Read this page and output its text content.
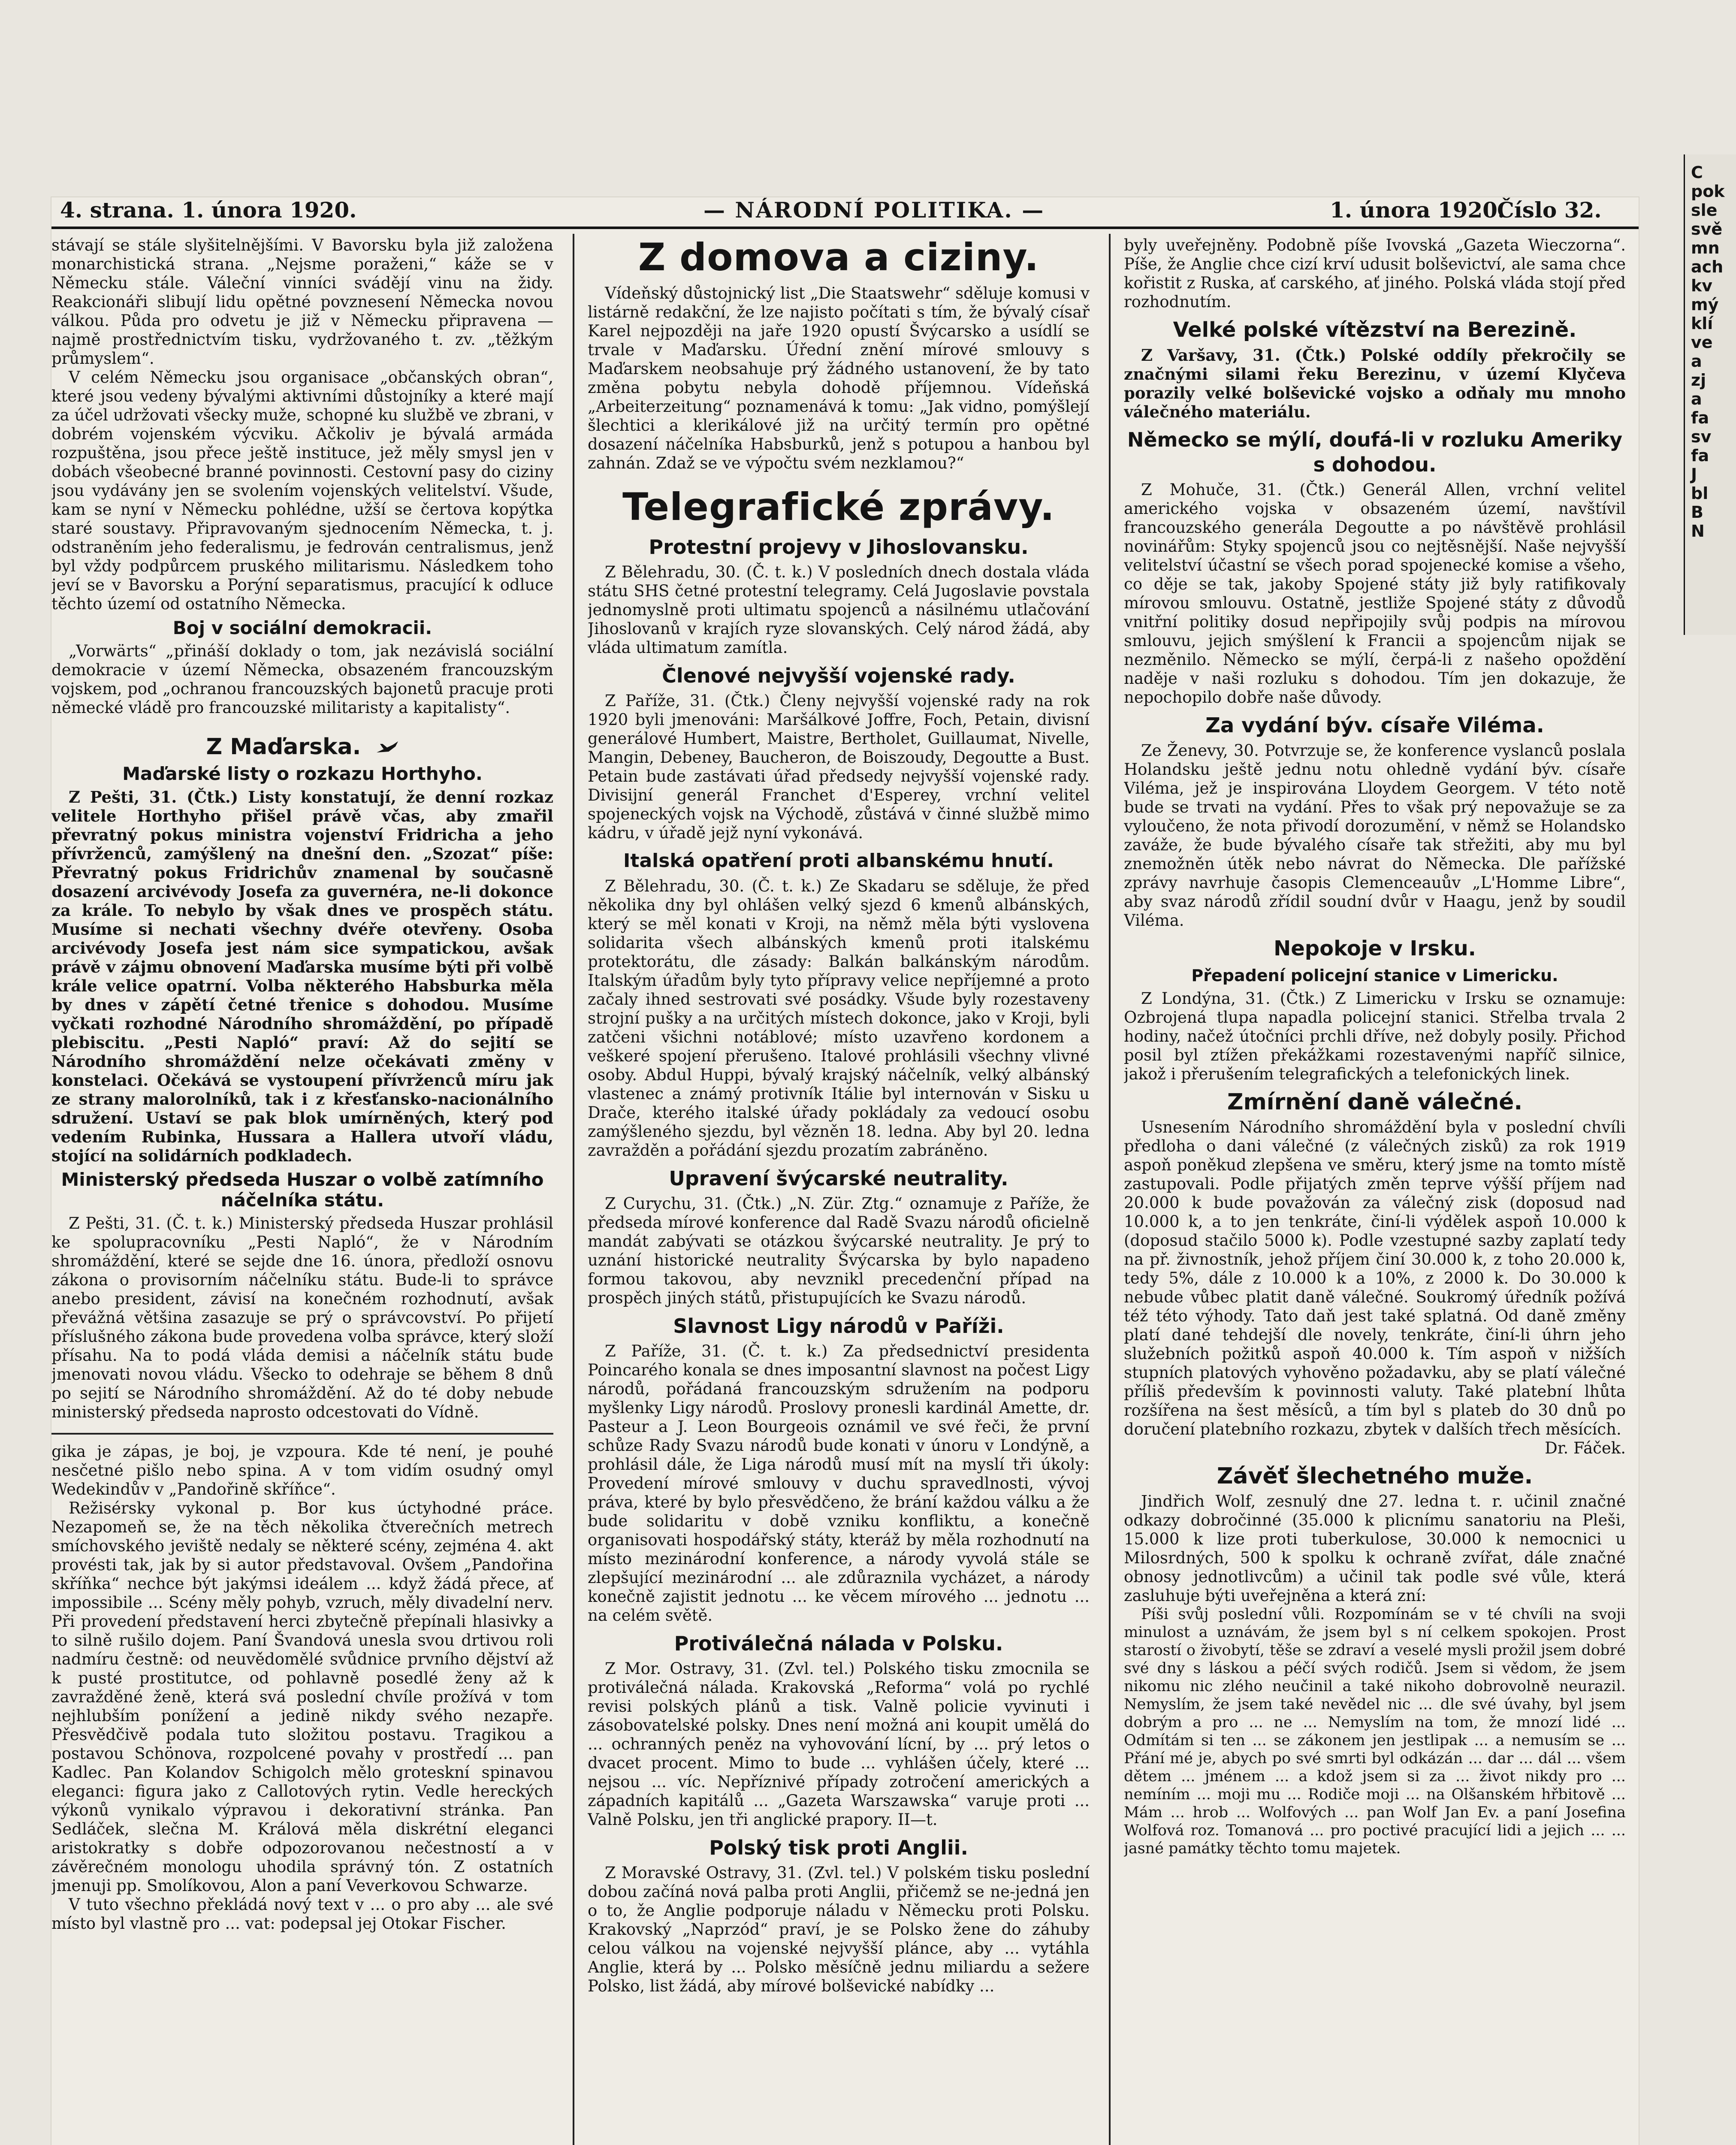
C
pok
sle
svě
mn
ach
kv
mý
klí
ve
a
zj
a
fa
sv
fa
J
bl
B
N
4. strana. 1. února 1920.	— NÁRODNÍ POLITIKA. —	1. února 1920.
Číslo 32.

stávají se stále slyšitelnějšími. V Bavorsku byla již založena monarchistická strana. „Nejsme poraženi,“ káže se v Německu stále. Váleční vinníci svádějí vinu na židy. Reakcionáři slibují lidu opětné povznesení Německa novou válkou. Půda pro odvetu je již v Německu připravena — najmě prostřednictvím tisku, vydržovaného t. zv. „těžkým průmyslem“.

V celém Německu jsou organisace „občanských obran“, které jsou vedeny bývalými aktivními důstojníky a které mají za účel udržovati všecky muže, schopné ku službě ve zbrani, v dobrém vojenském výcviku. Ačkoliv je bývalá armáda rozpuštěna, jsou přece ještě instituce, jež měly smysl jen v dobách všeobecné branné povinnosti. Cestovní pasy do ciziny jsou vydávány jen se svolením vojenských velitelství. Všude, kam se nyní v Německu pohlédne, užší se čertova kopýtka staré soustavy. Připravovaným sjednocením Německa, t. j. odstraněním jeho federalismu, je fedrován centralismus, jenž byl vždy podpůrcem pruského militarismu. Následkem toho jeví se v Bavorsku a Porýní separatismus, pracující k odluce těchto území od ostatního Německa.

Boj v sociální demokracii.

„Vorwärts“ „přináší doklady o tom, jak nezávislá sociální demokracie v území Německa, obsazeném francouzským vojskem, pod „ochranou francouzských bajonetů pracuje proti německé vládě pro francouzské militaristy a kapitalisty“.

Z Maďarska.
Maďarské listy o rozkazu Horthyho.

Z Pešti, 31. (Čtk.) Listy konstatují, že denní rozkaz velitele Horthyho přišel právě včas, aby zmařil převratný pokus ministra vojenství Fridricha a jeho přívrženců, zamýšlený na dnešní den. „Szozat“ píše: Převratný pokus Fridrichův znamenal by současně dosazení arcivévody Josefa za guvernéra, ne-li dokonce za krále. To nebylo by však dnes ve prospěch státu. Musíme si nechati všechny dvéře otevřeny. Osoba arcivévody Josefa jest nám sice sympatickou, avšak právě v zájmu obnovení Maďarska musíme býti při volbě krále velice opatrní. Volba některého Habsburka měla by dnes v zápětí četné třenice s dohodou. Musíme vyčkati rozhodné Národního shromáždění, po případě plebiscitu. „Pesti Napló“ praví: Až do sejití se Národního shromáždění nelze očekávati změny v konstelaci. Očekává se vystoupení přívrženců míru jak ze strany malorolníků, tak i z křesťansko-nacionálního sdružení. Ustaví se pak blok umírněných, který pod vedením Rubinka, Hussara a Hallera utvoří vládu, stojící na solidárních podkladech.

Ministerský předseda Huszar o volbě zatímního náčelníka státu.

Z Pešti, 31. (Č. t. k.) Ministerský předseda Huszar prohlásil ke spolupracovníku „Pesti Napló“, že v Národním shromáždění, které se sejde dne 16. února, předloží osnovu zákona o provisorním náčelníku státu. Bude-li to správce anebo president, závisí na konečném rozhodnutí, avšak převážná většina zasazuje se prý o správcovství. Po přijetí příslušného zákona bude provedena volba správce, který složí přísahu. Na to podá vláda demisi a náčelník státu bude jmenovati novou vládu. Všecko to odehraje se během 8 dnů po sejití se Národního shromáždění. Až do té doby nebude ministerský předseda naprosto odcestovati do Vídně.

gika je zápas, je boj, je vzpoura. Kde té není, je pouhé nesčetné pišlo nebo spina. A v tom vidím osudný omyl Wedekindův v „Pandořině skříňce“.

Režisérsky vykonal p. Bor kus úctyhodné práce. Nezapomeň se, že na těch několika čtverečních metrech smíchovského jeviště nedaly se některé scény, zejména 4. akt provésti tak, jak by si autor představoval. Ovšem „Pandořina skříňka“ nechce být jakýmsi ideálem ... když žádá přece, ať impossibile ... Scény měly pohyb, vzruch, měly divadelní nerv. Při provedení představení herci zbytečně přepínali hlasivky a to silně rušilo dojem. Paní Švandová unesla svou drtivou roli nadmíru čestně: od neuvědomělé svůdnice prvního dějství až k pusté prostitutce, od pohlavně posedlé ženy až k zavražděné ženě, která svá poslední chvíle prožívá v tom nejhlubším ponížení a jedině nikdy svého nezapře. Přesvědčivě podala tuto složitou postavu. Tragikou a postavou Schönova, rozpolcené povahy v prostředí ... pan Kadlec. Pan Kolandov Schigolch mělo groteskní spinavou eleganci: figura jako z Callotových rytin. Vedle hereckých výkonů vynikalo výpravou i dekorativní stránka. Pan Sedláček, slečna M. Králová měla diskrétní eleganci aristokratky s dobře odpozorovanou nečestností a v závěrečném monologu uhodila správný tón. Z ostatních jmenuji pp. Smolíkovou, Alon a paní Veverkovou Schwarze.

V tuto všechno překládá nový text v ... o pro aby ... ale své místo byl vlastně pro ... vat: podepsal jej Otokar Fischer.

Z domova a ciziny.

Vídeňský důstojnický list „Die Staatswehr“ sděluje komusi v listárně redakční, že lze najisto počítati s tím, že bývalý císař Karel nejpozději na jaře 1920 opustí Švýcarsko a usídlí se trvale v Maďarsku. Úřední znění mírové smlouvy s Maďarskem neobsahuje prý žádného ustanovení, že by tato změna pobytu nebyla dohodě příjemnou. Vídeňská „Arbeiterzeitung“ poznamenává k tomu: „Jak vidno, pomýšlejí šlechtici a klerikálové již na určitý termín pro opětné dosazení náčelníka Habsburků, jenž s potupou a hanbou byl zahnán. Zdaž se ve výpočtu svém nezklamou?“

Telegrafické zprávy.
Protestní projevy v Jihoslovansku.

Z Bělehradu, 30. (Č. t. k.) V posledních dnech dostala vláda státu SHS četné protestní telegramy. Celá Jugoslavie povstala jednomyslně proti ultimatu spojenců a násilnému utlačování Jihoslovanů v krajích ryze slovanských. Celý národ žádá, aby vláda ultimatum zamítla.

Členové nejvyšší vojenské rady.

Z Paříže, 31. (Čtk.) Členy nejvyšší vojenské rady na rok 1920 byli jmenováni: Maršálkové Joffre, Foch, Petain, divisní generálové Humbert, Maistre, Bertholet, Guillaumat, Nivelle, Mangin, Debeney, Baucheron, de Boiszoudy, Degoutte a Bust. Petain bude zastávati úřad předsedy nejvyšší vojenské rady. Divisijní generál Franchet d'Esperey, vrchní velitel spojeneckých vojsk na Východě, zůstává v činné službě mimo kádru, v úřadě jejž nyní vykonává.

Italská opatření proti albanskému hnutí.

Z Bělehradu, 30. (Č. t. k.) Ze Skadaru se sděluje, že před několika dny byl ohlášen velký sjezd 6 kmenů albánských, který se měl konati v Kroji, na němž měla býti vyslovena solidarita všech albánských kmenů proti italskému protektorátu, dle zásady: Balkán balkánským národům. Italským úřadům byly tyto přípravy velice nepříjemné a proto začaly ihned sestrovati své posádky. Všude byly rozestaveny strojní pušky a na určitých místech dokonce, jako v Kroji, byli zatčeni všichni notáblové; místo uzavřeno kordonem a veškeré spojení přerušeno. Italové prohlásili všechny vlivné osoby. Abdul Huppi, bývalý krajský náčelník, velký albánský vlastenec a známý protivník Itálie byl internován v Sisku u Drače, kterého italské úřady pokládaly za vedoucí osobu zamýšleného sjezdu, byl vězněn 18. ledna. Aby byl 20. ledna zavražděn a pořádání sjezdu prozatím zabráněno.

Upravení švýcarské neutrality.

Z Curychu, 31. (Čtk.) „N. Zür. Ztg.“ oznamuje z Paříže, že předseda mírové konference dal Radě Svazu národů oficielně mandát zabývati se otázkou švýcarské neutrality. Je prý to uznání historické neutrality Švýcarska by bylo napadeno formou takovou, aby nevznikl precedenční případ na prospěch jiných států, přistupujících ke Svazu národů.

Slavnost Ligy národů v Paříži.

Z Paříže, 31. (Č. t. k.) Za předsednictví presidenta Poincarého konala se dnes imposantní slavnost na počest Ligy národů, pořádaná francouzským sdružením na podporu myšlenky Ligy národů. Proslovy pronesli kardinál Amette, dr. Pasteur a J. Leon Bourgeois oznámil ve své řeči, že první schůze Rady Svazu národů bude konati v únoru v Londýně, a prohlásil dále, že Liga národů musí mít na myslí tři úkoly: Provedení mírové smlouvy v duchu spravedlnosti, vývoj práva, které by bylo přesvědčeno, že brání každou válku a že bude solidaritu v době vzniku konfliktu, a konečně organisovati hospodářský státy, kteráž by měla rozhodnutí na místo mezinárodní konference, a národy vyvolá stále se zlepšující mezinárodní ... ale zdůraznila vycházet, a národy konečně zajistit jednotu ... ke věcem mírového ... jednotu ... na celém světě.

Protiválečná nálada v Polsku.

Z Mor. Ostravy, 31. (Zvl. tel.) Polského tisku zmocnila se protiválečná nálada. Krakovská „Reforma“ volá po rychlé revisi polských plánů a tisk. Valně policie vyvinuti i zásobovatelské polsky. Dnes není možná ani koupit umělá do ... ochranných peněz na vyhovování lícní, by ... prý letos o dvacet procent. Mimo to bude ... vyhlášen účely, které ... nejsou ... víc. Nepříznivé případy zotročení amerických a západních kapitálů ... „Gazeta Warszawska“ varuje proti ... Valně Polsku, jen tři anglické prapory. II—t.

Polský tisk proti Anglii.

Z Moravské Ostravy, 31. (Zvl. tel.) V polském tisku poslední dobou začíná nová palba proti Anglii, přičemž se ne-jedná jen o to, že Anglie podporuje náladu v Německu proti Polsku. Krakovský „Naprzód“ praví, je se Polsko žene do záhuby celou válkou na vojenské nejvyšší plánce, aby ... vytáhla Anglie, která by ... Polsko měsíčně jednu miliardu a sežere Polsko, list žádá, aby mírové bolševické nabídky ...

byly uveřejněny. Podobně píše Ivovská „Gazeta Wieczorna“. Píše, že Anglie chce cizí krví udusit bolševictví, ale sama chce kořistit z Ruska, ať carského, ať jiného. Polská vláda stojí před rozhodnutím.

Velké polské vítězství na Berezině.

Z Varšavy, 31. (Čtk.) Polské oddíly překročily se značnými silami řeku Berezinu, v území Klyčeva porazily velké bolševické vojsko a odňaly mu mnoho válečného materiálu.

Německo se mýlí, doufá-li v rozluku Ameriky s dohodou.

Z Mohuče, 31. (Čtk.) Generál Allen, vrchní velitel amerického vojska v obsazeném území, navštívil francouzského generála Degoutte a po návštěvě prohlásil novinářům: Styky spojenců jsou co nejtěsnější. Naše nejvyšší velitelství účastní se všech porad spojenecké komise a všeho, co děje se tak, jakoby Spojené státy již byly ratifikovaly mírovou smlouvu. Ostatně, jestliže Spojené státy z důvodů vnitřní politiky dosud nepřipojily svůj podpis na mírovou smlouvu, jejich smýšlení k Francii a spojencům nijak se nezměnilo. Německo se mýlí, čerpá-li z našeho opoždění naděje v naši rozluku s dohodou. Tím jen dokazuje, že nepochopilo dobře naše důvody.

Za vydání býv. císaře Viléma.

Ze Ženevy, 30. Potvrzuje se, že konference vyslanců poslala Holandsku ještě jednu notu ohledně vydání býv. císaře Viléma, jež je inspirována Lloydem Georgem. V této notě bude se trvati na vydání. Přes to však prý nepovažuje se za vyloučeno, že nota přivodí dorozumění, v němž se Holandsko zaváže, že bude bývalého císaře tak střežiti, aby mu byl znemožněn útěk nebo návrat do Německa. Dle pařížské zprávy navrhuje časopis Clemenceauův „L'Homme Libre“, aby svaz národů zřídil soudní dvůr v Haagu, jenž by soudil Viléma.

Nepokoje v Irsku.
Přepadení policejní stanice v Limericku.

Z Londýna, 31. (Čtk.) Z Limericku v Irsku se oznamuje: Ozbrojená tlupa napadla policejní stanici. Střelba trvala 2 hodiny, načež útočníci prchli dříve, než dobyly posily. Přichod posil byl ztížen překážkami rozestavenými napříč silnice, jakož i přerušením telegrafických a telefonických linek.

Zmírnění daně válečné.

Usnesením Národního shromáždění byla v poslední chvíli předloha o dani válečné (z válečných zisků) za rok 1919 aspoň poněkud zlepšena ve směru, který jsme na tomto místě zastupovali. Podle přijatých změn teprve výšší příjem nad 20.000 k bude považován za válečný zisk (doposud nad 10.000 k, a to jen tenkráte, činí-li výdělek aspoň 10.000 k (doposud stačilo 5000 k). Podle vzestupné sazby zaplatí tedy na př. živnostník, jehož příjem činí 30.000 k, z toho 20.000 k, tedy 5%, dále z 10.000 k a 10%, z 2000 k. Do 30.000 k nebude vůbec platit daně válečné. Soukromý úředník požívá též této výhody. Tato daň jest také splatná. Od daně změny platí dané tehdejší dle novely, tenkráte, činí-li úhrn jeho služebních požitků aspoň 40.000 k. Tím aspoň v nižších stupních platových vyhověno požadavku, aby se platí válečné příliš především k povinnosti valuty. Také platební lhůta rozšířena na šest měsíců, a tím byl s plateb do 30 dnů po doručení platebního rozkazu, zbytek v dalších třech měsících.

Dr. Fáček.

Závěť šlechetného muže.

Jindřich Wolf, zesnulý dne 27. ledna t. r. učinil značné odkazy dobročinné (35.000 k plicnímu sanatoriu na Pleši, 15.000 k lize proti tuberkulose, 30.000 k nemocnici u Milosrdných, 500 k spolku k ochraně zvířat, dále značné obnosy jednotlivcům) a učinil tak podle své vůle, která zasluhuje býti uveřejněna a která zní:

Píši svůj poslední vůli. Rozpomínám se v té chvíli na svoji minulost a uznávám, že jsem byl s ní celkem spokojen. Prost starostí o živobytí, těše se zdraví a veselé mysli prožil jsem dobré své dny s láskou a péčí svých rodičů. Jsem si vědom, že jsem nikomu nic zlého neučinil a také nikoho dobrovolně neurazil. Nemyslím, že jsem také nevědel nic ... dle své úvahy, byl jsem dobrým a pro ... ne ... Nemyslím na tom, že mnozí lidé ... Odmítám si ten ... se zákonem jen jestlipak ... a nemusím se ... Přání mé je, abych po své smrti byl odkázán ... dar ... dál ... všem dětem ... jménem ... a kdož jsem si za ... život nikdy pro ... nemíním ... moji mu ... Rodiče moji ... na Olšanském hřbitově ... Mám ... hrob ... Wolfových ... pan Wolf Jan Ev. a paní Josefina Wolfová roz. Tomanová ... pro poctivé pracující lidi a jejich ... ... jasné památky těchto tomu majetek.
